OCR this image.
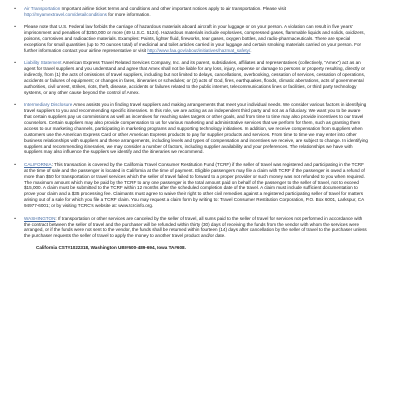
•	Air Transportation Important airline ticket terms and conditions and other important notices apply to air transportation. Please visit http://myamextravel.com/detailconditions for more information.

•	Please note that U.S. Federal law forbids the carriage of hazardous materials aboard aircraft in your luggage or on your person. A violation can result in five years' imprisonment and penalties of $250,000 or more (49 U.S.C. 5124). Hazardous materials include explosives, compressed gases, flammable liquids and solids, oxidizers, poisons, corrosives and radioactive materials. Examples: Paints, lighter fluid, fireworks, tear gases, oxygen bottles, and radio-pharmaceuticals. There are special exceptions for small quantities (up to 70 ounces total) of medicinal and toilet articles carried in your luggage and certain smoking materials carried on your person. For further information contact your airline representative or visit http://www.faa.gov/about/initiatives/hazmat_safety/.

•	Liability Statement American Express Travel Related Services Company, Inc. and its parent, subsidiaries, affiliates and representatives (collectively, "Amex") act as an agent for travel suppliers and you understand and agree that Amex shall not be liable for any loss, injury, expense or damage to persons or property resulting, directly or indirectly, from (1) the acts of omissions of travel suppliers, including but not limited to delays, cancellations, overbooking, cessation of services, cessation of operations, accidents or failures of equipment; or changes in fares, itineraries or schedules; or (2) acts of God, fires, earthquakes, floods, climatic aberrations, acts of governmental authorities, civil unrest, strikes, riots, theft, disease, accidents or failures related to the public internet, telecommunications lines or facilities, or third party technology systems, or any other cause beyond the control of Amex.

•	Intermediary Disclosure Amex assists you in finding travel suppliers and making arrangements that meet your individual needs. We consider various factors in identifying travel suppliers to you and recommending specific itineraries. In this role, we are acting as an independent third party and not as a fiduciary. We want you to be aware that certain suppliers pay us commissions as well as incentives for reaching sales targets or other goals, and from time to time may also provide incentives to our travel counselors. Certain suppliers may also provide compensation to us for various marketing and administrative services that we perform for them, such as granting them access to our marketing channels, participating in marketing programs and supporting technology initiatives. In addition, we receive compensation from suppliers when customers use the American Express Card or other American Express products to pay for supplier products and services. From time to time we may enter into other business relationships with suppliers and these arrangements, including levels and types of compensation and incentives we receive, are subject to change. In identifying suppliers and recommending itineraries, we may consider a number of factors, including supplier availability and your preferences. The relationships we have with suppliers may also influence the suppliers we identify and the itineraries we recommend.

•	CALIFORNIA: This transaction is covered by the California Travel Consumer Restitution Fund (TCRF) if the seller of travel was registered and participating in the TCRF at the time of sale and the passenger is located in California at the time of payment. Eligible passengers may file a claim with TCRF if the passenger is owed a refund of more than $50 for transportation or travel services which the seller of travel failed to forward to a proper provider or such money was not refunded to you when required. The maximum amount which may be paid by the TCRF to any one passenger is the total amount paid on behalf of the passenger to the seller of travel, not to exceed $15,000. A claim must be submitted to the TCRF within 12 months after the scheduled completion date of the travel. A claim must include sufficient documentation to prove your claim and a $35 processing fee. Claimants must agree to waive their right to other civil remedies against a registered participating seller of travel for matters arising out of a sale for which you file a TCRF claim. You may request a claim form by writing to: Travel Consumer Restitution Corporation, P.O. Box 6001, Larkspur, CA 94977-6001; or by visiting TCRC's website at: www.tcrcinfo.org.

•	WASHINGTON: If transportation or other services are canceled by the seller of travel, all sums paid to the seller of travel for services not performed in accordance with the contract between the seller of travel and the purchaser will be refunded within thirty (30) days of receiving the funds from the vendor with whom the services were arranged, or if the funds were not sent to the vendor, the funds shall be returned within fourteen (14) days after cancellation by the seller of travel to the purchaser unless the purchaser requests the seller of travel to apply the money to another travel product and/or date.

California CST#1022318, Washington UBI#600-489-694, Iowa TA#608.
